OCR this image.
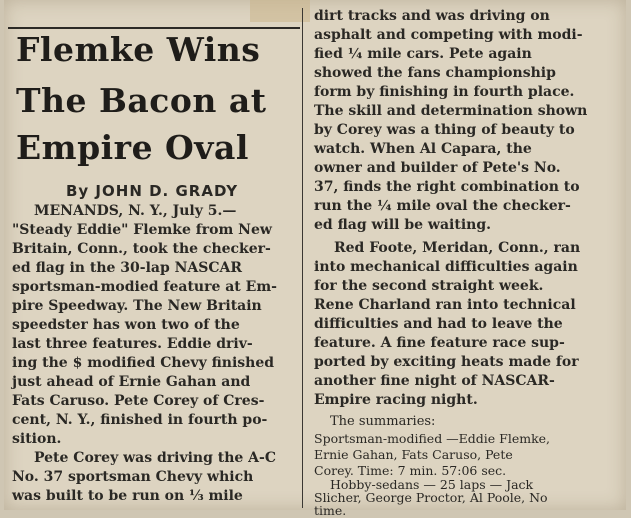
Flemke Wins
The Bacon at
Empire Oval
By JOHN D. GRADY
MENANDS, N. Y., July 5.—
"Steady Eddie" Flemke from New
Britain, Conn., took the checker-
ed flag in the 30-lap NASCAR
sportsman-modied feature at Em-
pire Speedway. The New Britain
speedster has won two of the
last three features. Eddie driv-
ing the $ modified Chevy finished
just ahead of Ernie Gahan and
Fats Caruso. Pete Corey of Cres-
cent, N. Y., finished in fourth po-
sition.
Pete Corey was driving the A-C
No. 37 sportsman Chevy which
was built to be run on ⅓ mile
dirt tracks and was driving on
asphalt and competing with modi-
fied ¼ mile cars. Pete again
showed the fans championship
form by finishing in fourth place.
The skill and determination shown
by Corey was a thing of beauty to
watch. When Al Capara, the
owner and builder of Pete's No.
37, finds the right combination to
run the ¼ mile oval the checker-
ed flag will be waiting.
Red Foote, Meridan, Conn., ran
into mechanical difficulties again
for the second straight week.
Rene Charland ran into technical
difficulties and had to leave the
feature. A fine feature race sup-
ported by exciting heats made for
another fine night of NASCAR-
Empire racing night.
The summaries:
Sportsman-modified —Eddie Flemke,
Ernie Gahan, Fats Caruso, Pete
Corey. Time: 7 min. 57:06 sec.
Hobby-sedans — 25 laps — Jack
Slicher, George Proctor, Al Poole, No
time.
